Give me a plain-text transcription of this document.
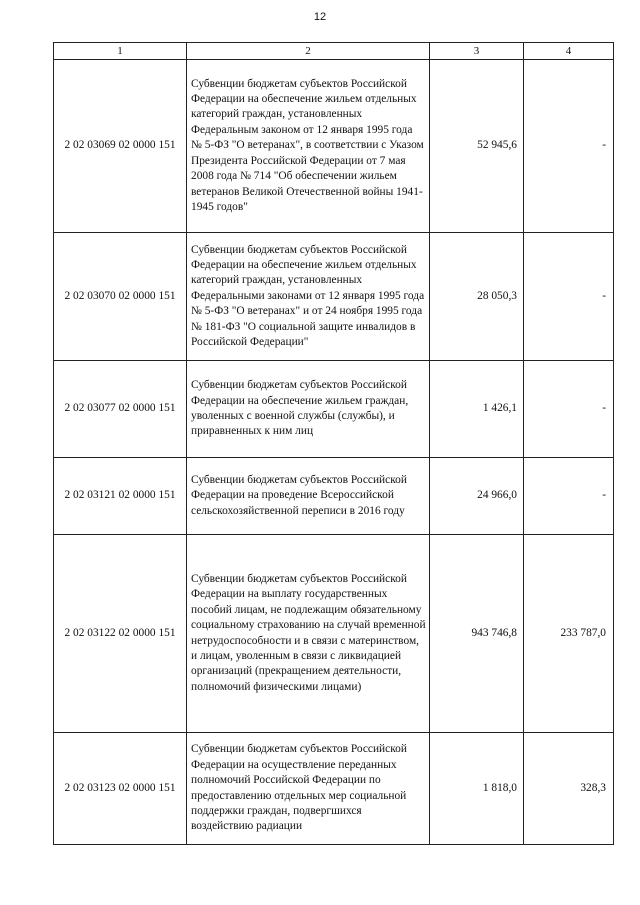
12
1	2	3	4
2 02 03069 02 0000 151	Субвенции бюджетам субъектов Российской Федерации на обеспечение жильем отдельных категорий граждан, установленных Федеральным законом от 12 января 1995 года № 5-ФЗ "О ветеранах", в соответствии с Указом Президента Российской Федерации от 7 мая 2008 года № 714 "Об обеспечении жильем ветеранов Великой Отечественной войны 1941-1945 годов"	52 945,6	-
2 02 03070 02 0000 151	Субвенции бюджетам субъектов Российской Федерации на обеспечение жильем отдельных категорий граждан, установленных Федеральными законами от 12 января 1995 года № 5-ФЗ "О ветеранах" и от 24 ноября 1995 года № 181-ФЗ "О социальной защите инвалидов в Российской Федерации"	28 050,3	-
2 02 03077 02 0000 151	Субвенции бюджетам субъектов Российской Федерации на обеспечение жильем граждан, уволенных с военной службы (службы), и приравненных к ним лиц	1 426,1	-
2 02 03121 02 0000 151	Субвенции бюджетам субъектов Российской Федерации на проведение Всероссийской сельскохозяйственной переписи в 2016 году	24 966,0	-
2 02 03122 02 0000 151	Субвенции бюджетам субъектов Российской Федерации на выплату государственных пособий лицам, не подлежащим обязательному социальному страхованию на случай временной нетрудоспособности и в связи с материнством, и лицам, уволенным в связи с ликвидацией организаций (прекращением деятельности, полномочий физическими лицами)	943 746,8	233 787,0
2 02 03123 02 0000 151	Субвенции бюджетам субъектов Российской Федерации на осуществление переданных полномочий Российской Федерации по предоставлению отдельных мер социальной поддержки граждан, подвергшихся воздействию радиации	1 818,0	328,3
